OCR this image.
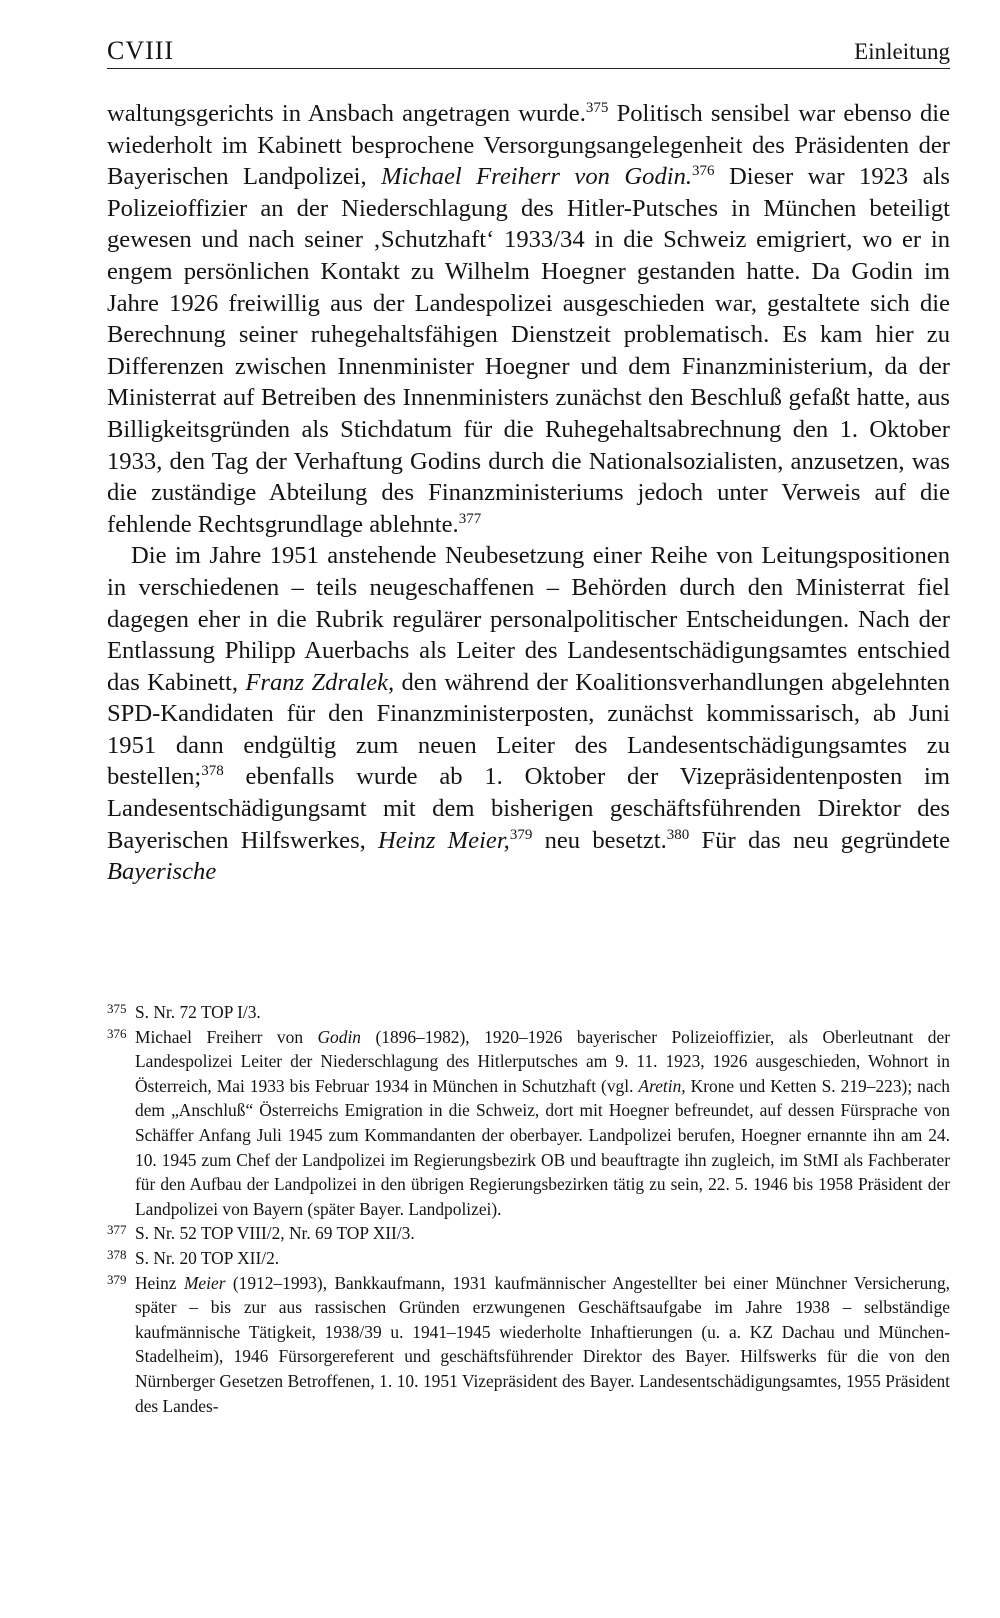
CVIII	Einleitung

waltungsgerichts in Ansbach angetragen wurde.$^{375}$ Politisch sensibel war ebenso die wiederholt im Kabinett besprochene Versorgungsangelegenheit des Präsidenten der Bayerischen Landpolizei, Michael Freiherr von Godin.$^{376}$ Dieser war 1923 als Polizeioffizier an der Niederschlagung des Hitler-Putsches in München beteiligt gewesen und nach seiner ‚Schutzhaft‘ 1933/34 in die Schweiz emigriert, wo er in engem persönlichen Kontakt zu Wilhelm Hoegner gestanden hatte. Da Godin im Jahre 1926 freiwillig aus der Landespolizei ausgeschieden war, gestaltete sich die Berechnung seiner ruhegehaltsfähigen Dienstzeit problematisch. Es kam hier zu Differenzen zwischen Innenminister Hoegner und dem Finanzministerium, da der Ministerrat auf Betreiben des Innenministers zunächst den Beschluß gefaßt hatte, aus Billigkeitsgründen als Stichdatum für die Ruhegehaltsabrechnung den 1. Oktober 1933, den Tag der Verhaftung Godins durch die Nationalsozialisten, anzusetzen, was die zuständige Abteilung des Finanzministeriums jedoch unter Verweis auf die fehlende Rechtsgrundlage ablehnte.$^{377}$

Die im Jahre 1951 anstehende Neubesetzung einer Reihe von Leitungspositionen in verschiedenen – teils neugeschaffenen – Behörden durch den Ministerrat fiel dagegen eher in die Rubrik regulärer personalpolitischer Entscheidungen. Nach der Entlassung Philipp Auerbachs als Leiter des Landesentschädigungsamtes entschied das Kabinett, Franz Zdralek, den während der Koalitionsverhandlungen abgelehnten SPD-Kandidaten für den Finanzministerposten, zunächst kommissarisch, ab Juni 1951 dann endgültig zum neuen Leiter des Landesentschädigungsamtes zu bestellen;$^{378}$ ebenfalls wurde ab 1. Oktober der Vizepräsidentenposten im Landesentschädigungsamt mit dem bisherigen geschäftsführenden Direktor des Bayerischen Hilfswerkes, Heinz Meier,$^{379}$ neu besetzt.$^{380}$ Für das neu gegründete Bayerische

375 S. Nr. 72 TOP I/3.
376 Michael Freiherr von Godin (1896–1982), 1920–1926 bayerischer Polizeioffizier, als Oberleutnant der Landespolizei Leiter der Niederschlagung des Hitlerputsches am 9. 11. 1923, 1926 ausgeschieden, Wohnort in Österreich, Mai 1933 bis Februar 1934 in München in Schutzhaft (vgl. Aretin, Krone und Ketten S. 219–223); nach dem „Anschluß“ Österreichs Emigration in die Schweiz, dort mit Hoegner befreundet, auf dessen Fürsprache von Schäffer Anfang Juli 1945 zum Kommandanten der oberbayer. Landpolizei berufen, Hoegner ernannte ihn am 24. 10. 1945 zum Chef der Landpolizei im Regierungsbezirk OB und beauftragte ihn zugleich, im StMI als Fachberater für den Aufbau der Landpolizei in den übrigen Regierungsbezirken tätig zu sein, 22. 5. 1946 bis 1958 Präsident der Landpolizei von Bayern (später Bayer. Landpolizei).
377 S. Nr. 52 TOP VIII/2, Nr. 69 TOP XII/3.
378 S. Nr. 20 TOP XII/2.
379 Heinz Meier (1912–1993), Bankkaufmann, 1931 kaufmännischer Angestellter bei einer Münchner Versicherung, später – bis zur aus rassischen Gründen erzwungenen Geschäftsaufgabe im Jahre 1938 – selbständige kaufmännische Tätigkeit, 1938/39 u. 1941–1945 wiederholte Inhaftierungen (u. a. KZ Dachau und München-Stadelheim), 1946 Fürsorgereferent und geschäftsführender Direktor des Bayer. Hilfswerks für die von den Nürnberger Gesetzen Betroffenen, 1. 10. 1951 Vizepräsident des Bayer. Landesentschädigungsamtes, 1955 Präsident des Landes-
